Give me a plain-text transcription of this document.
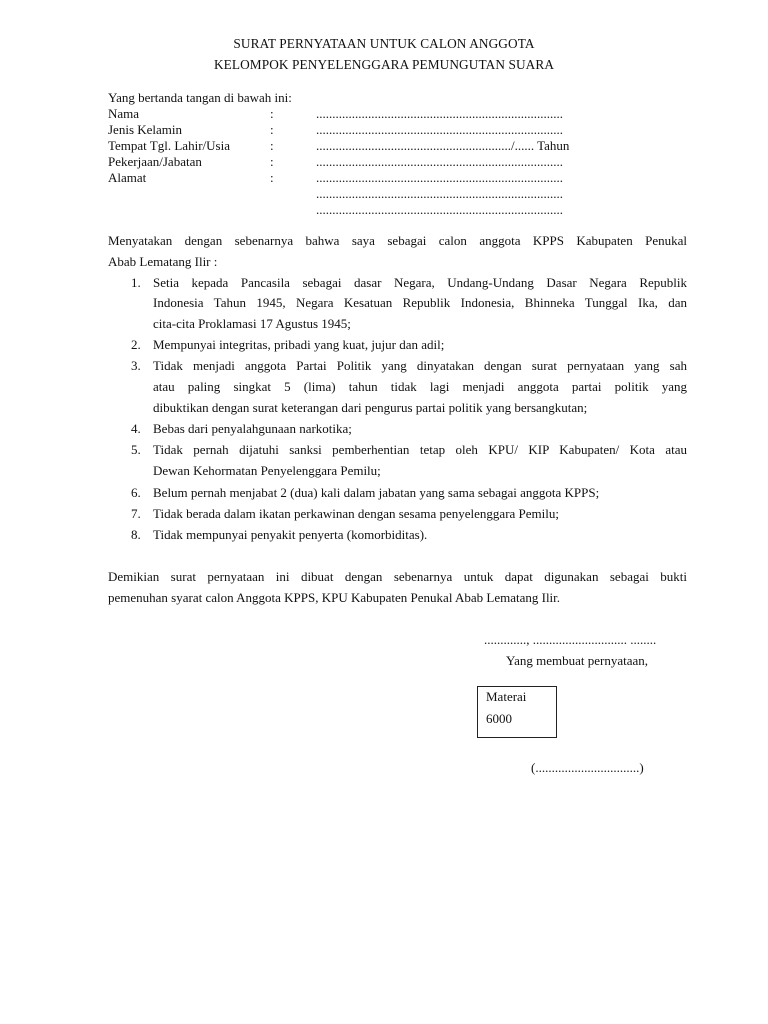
SURAT PERNYATAAN UNTUK CALON ANGGOTA
KELOMPOK PENYELENGGARA PEMUNGUTAN SUARA
Yang bertanda tangan di bawah ini:
Nama	:	............................................................................
Jenis Kelamin	:	............................................................................
Tempat Tgl. Lahir/Usia	:	............................................................/...... Tahun
Pekerjaan/Jabatan	:	............................................................................
Alamat	:	............................................................................
............................................................................
............................................................................
Menyatakan dengan sebenarnya bahwa saya sebagai calon anggota KPPS Kabupaten Penukal
Abab Lematang Ilir :
1. Setia kepada Pancasila sebagai dasar Negara, Undang-Undang Dasar Negara Republik
Indonesia Tahun 1945, Negara Kesatuan Republik Indonesia, Bhinneka Tunggal Ika, dan
cita-cita Proklamasi 17 Agustus 1945;
2. Mempunyai integritas, pribadi yang kuat, jujur dan adil;
3. Tidak menjadi anggota Partai Politik yang dinyatakan dengan surat pernyataan yang sah
atau paling singkat 5 (lima) tahun tidak lagi menjadi anggota partai politik yang
dibuktikan dengan surat keterangan dari pengurus partai politik yang bersangkutan;
4. Bebas dari penyalahgunaan narkotika;
5. Tidak pernah dijatuhi sanksi pemberhentian tetap oleh KPU/ KIP Kabupaten/ Kota atau
Dewan Kehormatan Penyelenggara Pemilu;
6. Belum pernah menjabat 2 (dua) kali dalam jabatan yang sama sebagai anggota KPPS;
7. Tidak berada dalam ikatan perkawinan dengan sesama penyelenggara Pemilu;
8. Tidak mempunyai penyakit penyerta (komorbiditas).
Demikian surat pernyataan ini dibuat dengan sebenarnya untuk dapat digunakan sebagai bukti
pemenuhan syarat calon Anggota KPPS, KPU Kabupaten Penukal Abab Lematang Ilir.
............., ............................. ........
Yang membuat pernyataan,
Materai
6000
(................................)
